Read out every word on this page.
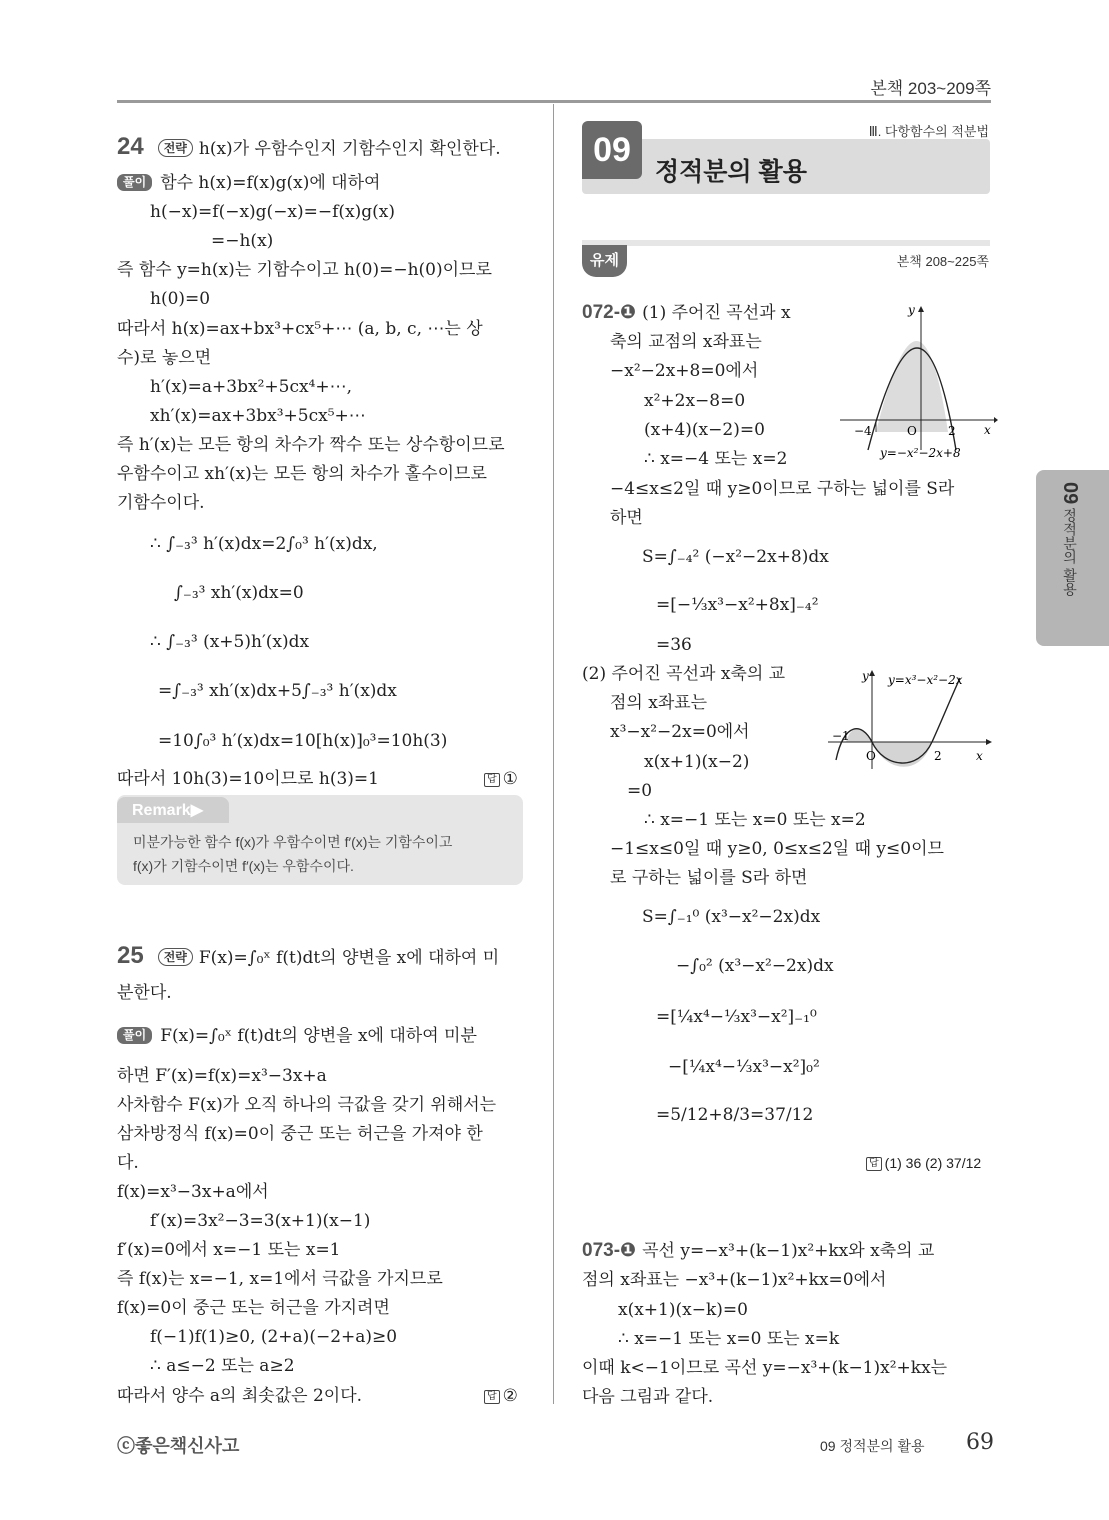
본책 203~209쪽
24 전략 h(x)가 우함수인지 기함수인지 확인한다.
풀이 함수 h(x)=f(x)g(x)에 대하여
h(−x)=f(−x)g(−x)=−f(x)g(x)
=−h(x)
즉 함수 y=h(x)는 기함수이고 h(0)=−h(0)이므로
h(0)=0
따라서 h(x)=ax+bx³+cx⁵+⋯ (a, b, c, ⋯는 상
수)로 놓으면
h′(x)=a+3bx²+5cx⁴+⋯,
xh′(x)=ax+3bx³+5cx⁵+⋯
즉 h′(x)는 모든 항의 차수가 짝수 또는 상수항이므로
우함수이고 xh′(x)는 모든 항의 차수가 홀수이므로
기함수이다.
∴ ∫₋₃³ h′(x)dx=2∫₀³ h′(x)dx,
∫₋₃³ xh′(x)dx=0
∴ ∫₋₃³ (x+5)h′(x)dx
=∫₋₃³ xh′(x)dx+5∫₋₃³ h′(x)dx
=10∫₀³ h′(x)dx=10[h(x)]₀³=10h(3)
따라서 10h(3)=10이므로 h(3)=1	답 ①
Remark▶
미분가능한 함수 f(x)가 우함수이면 f′(x)는 기함수이고
f(x)가 기함수이면 f′(x)는 우함수이다.
25 전략 F(x)=∫₀ˣ f(t)dt의 양변을 x에 대하여 미
분한다.
풀이 F(x)=∫₀ˣ f(t)dt의 양변을 x에 대하여 미분
하면 F′(x)=f(x)=x³−3x+a
사차함수 F(x)가 오직 하나의 극값을 갖기 위해서는
삼차방정식 f(x)=0이 중근 또는 허근을 가져야 한
다.
f(x)=x³−3x+a에서
f′(x)=3x²−3=3(x+1)(x−1)
f′(x)=0에서 x=−1 또는 x=1
즉 f(x)는 x=−1, x=1에서 극값을 가지므로
f(x)=0이 중근 또는 허근을 가지려면
f(−1)f(1)≥0, (2+a)(−2+a)≥0
∴ a≤−2 또는 a≥2
따라서 양수 a의 최솟값은 2이다.	답 ②
Ⅲ. 다항함수의 적분법
09
정적분의 활용
유제	본책 208~225쪽
072-❶ (1) 주어진 곡선과 x
축의 교점의 x좌표는
−x²−2x+8=0에서
x²+2x−8=0
(x+4)(x−2)=0
∴ x=−4 또는 x=2
−4≤x≤2일 때 y≥0이므로 구하는 넓이를 S라
하면
S=∫₋₄² (−x²−2x+8)dx
=[−⅓x³−x²+8x]₋₄²
=36
y
x
−4	O	2
y=−x²−2x+8
(2) 주어진 곡선과 x축의 교
점의 x좌표는
x³−x²−2x=0에서
x(x+1)(x−2)
=0
∴ x=−1 또는 x=0 또는 x=2
−1≤x≤0일 때 y≥0, 0≤x≤2일 때 y≤0이므
로 구하는 넓이를 S라 하면
S=∫₋₁⁰ (x³−x²−2x)dx
−∫₀² (x³−x²−2x)dx
=[¼x⁴−⅓x³−x²]₋₁⁰
−[¼x⁴−⅓x³−x²]₀²
=5/12+8/3=37/12
답 (1) 36 (2) 37/12
y
x
−1
O	2
y=x³−x²−2x
073-❶ 곡선 y=−x³+(k−1)x²+kx와 x축의 교
점의 x좌표는 −x³+(k−1)x²+kx=0에서
x(x+1)(x−k)=0
∴ x=−1 또는 x=0 또는 x=k
이때 k<−1이므로 곡선 y=−x³+(k−1)x²+kx는
다음 그림과 같다.
09 정적분의 활용
ⓒ좋은책신사고	09 정적분의 활용 69
